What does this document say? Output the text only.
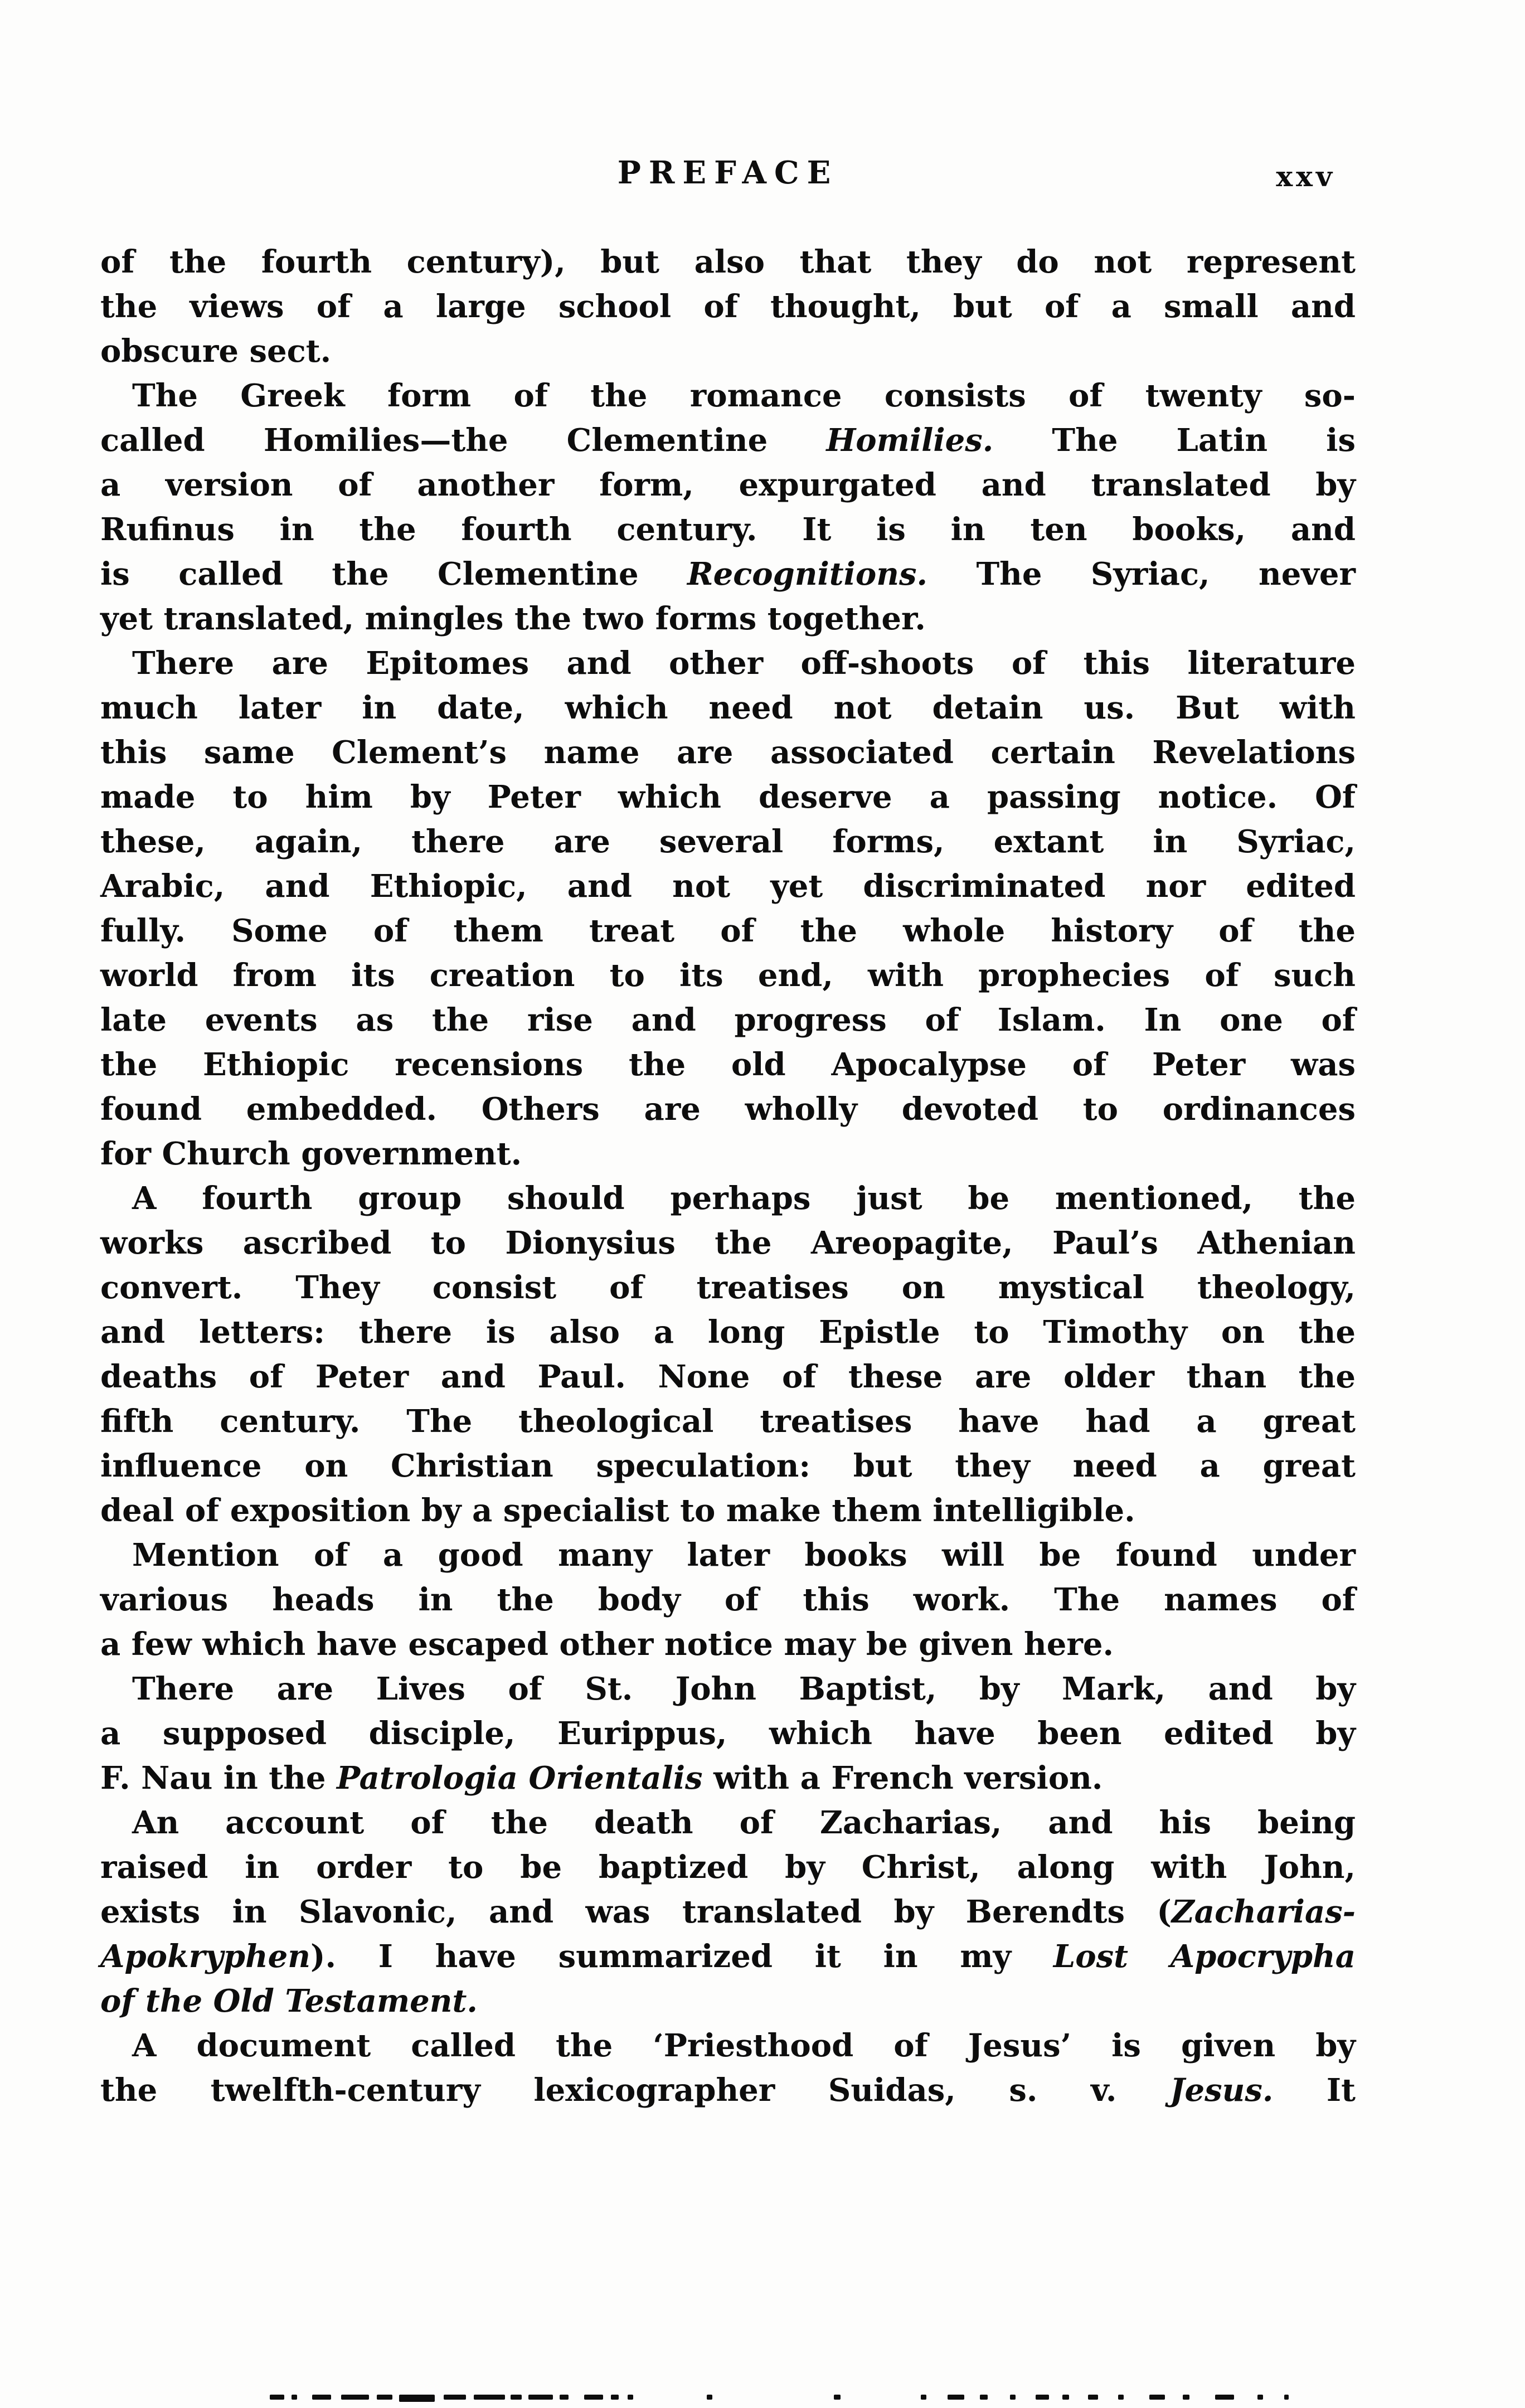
PREFACE	xxv
of the fourth century), but also that they do not represent
the views of a large school of thought, but of a small and
obscure sect.
The Greek form of the romance consists of twenty so-
called Homilies—the Clementine Homilies. The Latin is
a version of another form, expurgated and translated by
Rufinus in the fourth century. It is in ten books, and
is called the Clementine Recognitions. The Syriac, never
yet translated, mingles the two forms together.
There are Epitomes and other off-shoots of this literature
much later in date, which need not detain us. But with
this same Clement’s name are associated certain Revelations
made to him by Peter which deserve a passing notice. Of
these, again, there are several forms, extant in Syriac,
Arabic, and Ethiopic, and not yet discriminated nor edited
fully. Some of them treat of the whole history of the
world from its creation to its end, with prophecies of such
late events as the rise and progress of Islam. In one of
the Ethiopic recensions the old Apocalypse of Peter was
found embedded. Others are wholly devoted to ordinances
for Church government.
A fourth group should perhaps just be mentioned, the
works ascribed to Dionysius the Areopagite, Paul’s Athenian
convert. They consist of treatises on mystical theology,
and letters: there is also a long Epistle to Timothy on the
deaths of Peter and Paul. None of these are older than the
fifth century. The theological treatises have had a great
influence on Christian speculation: but they need a great
deal of exposition by a specialist to make them intelligible.
Mention of a good many later books will be found under
various heads in the body of this work. The names of
a few which have escaped other notice may be given here.
There are Lives of St. John Baptist, by Mark, and by
a supposed disciple, Eurippus, which have been edited by
F. Nau in the Patrologia Orientalis with a French version.
An account of the death of Zacharias, and his being
raised in order to be baptized by Christ, along with John,
exists in Slavonic, and was translated by Berendts (Zacharias-
Apokryphen). I have summarized it in my Lost Apocrypha
of the Old Testament.
A document called the ‘Priesthood of Jesus’ is given by
the twelfth-century lexicographer Suidas, s. v. Jesus. It
